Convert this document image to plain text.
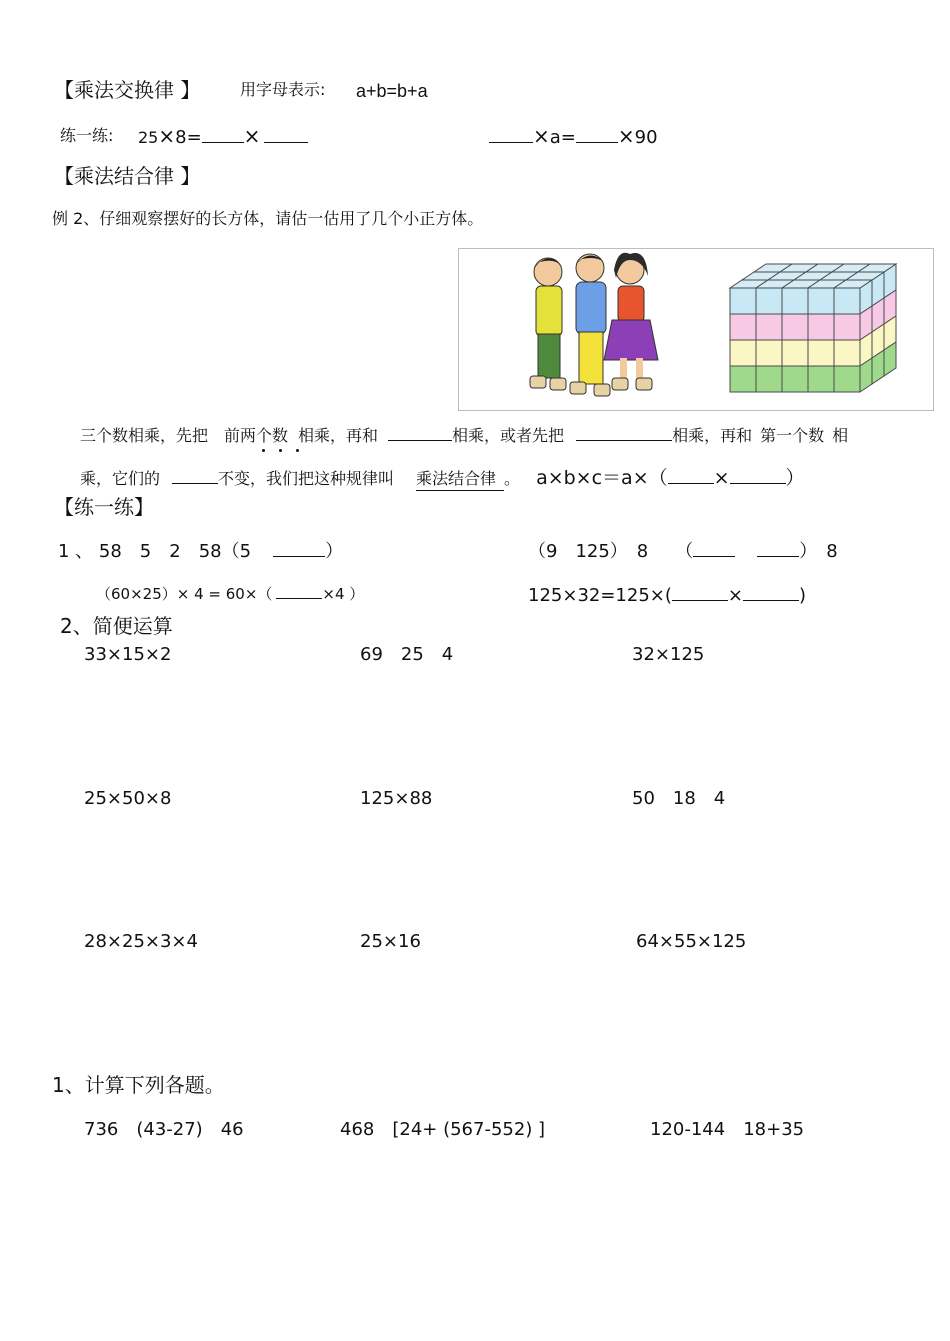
【乘法交换律 】 用字母表示: a+b=b+a
练一练: 25×8= ×	×a= ×90
【乘法结合律 】
例 2、仔细观察摆好的长方体，请估一估用了几个小正方体。
三个数相乘，先把 前两个数 相乘，再和	相乘，或者先把	相乘，再和 第一个数 相
乘，它们的	不变，我们把这种规律叫 乘法结合律 。 a×b×c＝a×（ ×	）
【练一练】
1 、 58　5　2　58（5	）	（9　125）　8　　（	）　8
（60×25）× 4 = 60×（	×4 ）	125×32=125×(	×	)
2、简便运算
33×15×2	69　25　4	32×125
25×50×8	125×88	50　18　4
28×25×3×4	25×16	64×55×125
1、计算下列各题。
736　(43-27)　46	468　[24+ (567-552) ]	120-144　18+35
